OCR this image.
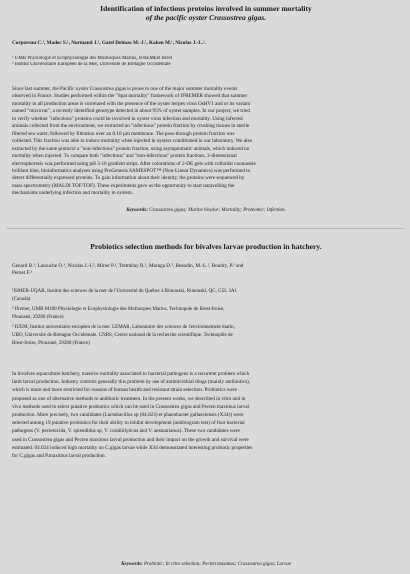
Identification of infectious proteins involved in summer mortality
of the pacific oyster Crassostrea gigas.
Corporeau C.¹, Madec S.¹, Normand J.¹, Gatel Delmas M.-J.¹, Kaken M.¹, Nicolas J.-L.¹.
¹ UMR Physiologie et Ecophysiologie des Mollusques Marins, IFREMER Brest
² Institut Universitaire Européen de la Mer, Université de Bretagne Occidentale
Since last summer, the Pacific oyster Crassostrea gigas is prone to one of the major summer mortality events
observed in France. Studies performed within the "Spat mortality" framework of IFREMER showed that summer
mortality in all production areas is correlated with the presence of the oyster herpes virus OsHV1 and or its variant
named "microvar", a recently identified genotype detected in about 95% of oyster samples. In our project, we tried
to verify whether "infectious" proteins could be involved in oyster virus infection and mortality. Using infected
animals collected from the environment, we extracted an "infectious" protein fraction by crushing tissues in sterile
filtered sea water, followed by filtration over an 0.10 µm membrane. The pass-through protein fraction was
collected. This fraction was able to induce mortality when injected in oysters conditioned in our laboratory. We also
extracted by the same protocol a "non-infectious" protein fraction, using asymptomatic animals, which induced no
mortality when injected. To compare both "infectious" and "non-infectious" protein fractions, 2-dimensional
electrophoresis was performed using pH 3-10 gradient strips. After colorations of 2-DE gels with colloidal coomassie
brilliant blue, bioinformatics analyses using ProGenesis SAMESPOT™ (Non-Linear Dynamics) was performed to
detect differentially expressed proteins. To gain information about their identity, the proteins were sequenced by
mass spectrometry (MALDI TOF/TOF). These experiments gave us the opportunity to start unravelling the
mechanisms underlying infection and mortality in oysters.
Keywords: Crassostrea gigas; Marine bivalve; Mortality; Proteomic; Infection.
Probiotics selection methods for bivalves larvae production in hatchery.
Genard B.¹, Larouche O.¹, Nicolas J.-L², Miner P.², Tremblay R.¹, Moraga D.³, Beaudin, M.-L.¹, Boudry, P.² and
Pernet F.²
¹ISMER-UQAR, Institut des sciences de la mer de l'Université du Québec à Rimouski, Rimouski, QC, G5L 3A1
(Canada)
² Ifremer, UMR M100 Physiologie et Ecophysiologie des Mollusques Marins, Technopole de Brest-Iroise,
Plouzané, 29280 (France)
³ IUEM, Institut universitaire européen de la mer. LEMAR, Laboratoire des sciences de l'environnement marin,
UBO, Université de Bretagne Occidentale. CNRS, Centre national de la recherche scientifique. Technopôle de
Brest-Iroise, Plouzané, 29280 (France)
In bivalves aquaculture hatchery, massive mortality associated to bacterial pathogens is a recurrent problem which
limit larval production. Industry controls generally this problem by use of antimicrobial drugs (mainly antibiotics),
which is more and more restricted for reasons of human health and resistant strain selection. Probiotics were
proposed as one of alternative methods to antibiotic treatment. In the present works, we described in vitro and in
vivo methods used to select putative probiotics which can be used in Crassostrea gigas and Pecten maximus larval
production. More precisely, two candidates (Lactobacillus sp (04.023) et phaeobacter gallaeciensis (X34)) were
selected among 19 putative probiotics for their ability to inhibit development (antibiogram test) of four bacterial
pathogens (V. pectenicida, V. splendidus sp, V. coralliilyticus and V. aestuarianus). These two candidates were
used in Crassostrea gigas and Pecten maximus larval production and their impact on the growth and survival were
estimated. 04.024 induced high mortality on C.gigas larvae while X34 demonstrated interesting probiotic properties
for C.gigas and P.maximus larval production.
Keywords: Probiotic; In vitro selection; Pecten maximus; Crassostrea gigas; Larvae
